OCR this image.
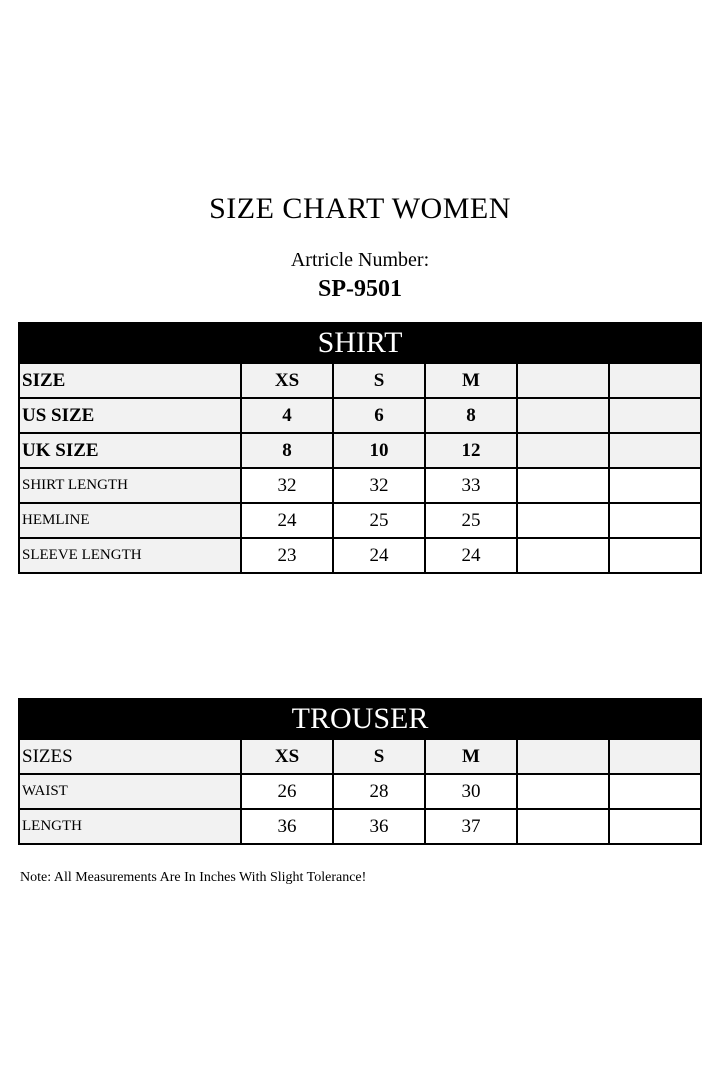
SIZE CHART WOMEN
Artricle Number:
SP-9501
SHIRT
SIZE	XS	S	M		
US SIZE	4	6	8		
UK SIZE	8	10	12		
SHIRT LENGTH	32	32	33		
HEMLINE	24	25	25		
SLEEVE LENGTH	23	24	24		
TROUSER
SIZES	XS	S	M		
WAIST	26	28	30		
LENGTH	36	36	37		
Note: All Measurements Are In Inches With Slight Tolerance!
